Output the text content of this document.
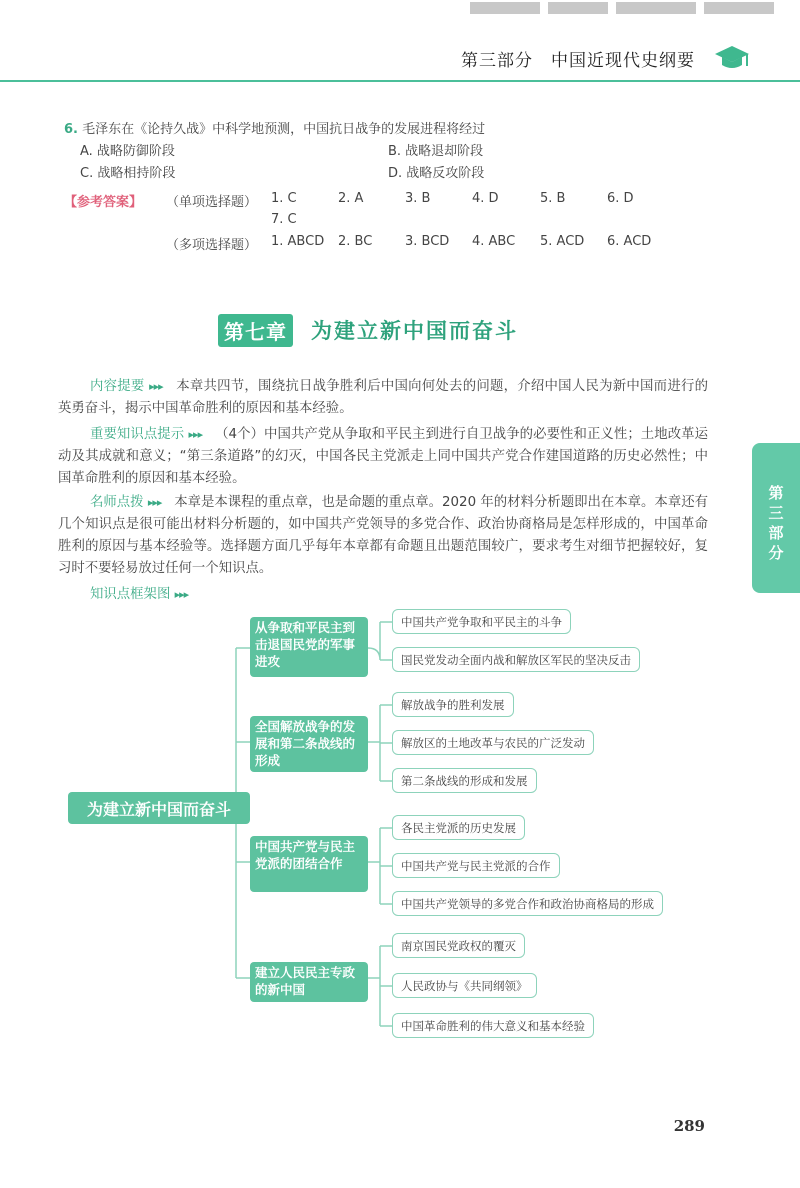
第三部分　中国近现代史纲要
6. 毛泽东在《论持久战》中科学地预测，中国抗日战争的发展进程将经过
A. 战略防御阶段	B. 战略退却阶段
C. 战略相持阶段	D. 战略反攻阶段
【参考答案】 （单项选择题） 1. C	2. A	3. B	4. D	5. B	6. D
7. C
（多项选择题） 1. ABCD 2. BC	3. BCD 4. ABC 5. ACD 6. ACD
第七章 为建立新中国而奋斗
内容提要 ▸▸▸ 本章共四节，围绕抗日战争胜利后中国向何处去的问题，介绍中国人民为新中国而进行的英勇奋斗，揭示中国革命胜利的原因和基本经验。
重要知识点提示 ▸▸▸ （4个）中国共产党从争取和平民主到进行自卫战争的必要性和正义性；土地改革运动及其成就和意义；“第三条道路”的幻灭，中国各民主党派走上同中国共产党合作建国道路的历史必然性；中国革命胜利的原因和基本经验。
名师点拨 ▸▸▸ 本章是本课程的重点章，也是命题的重点章。2020 年的材料分析题即出在本章。本章还有几个知识点是很可能出材料分析题的，如中国共产党领导的多党合作、政治协商格局是怎样形成的，中国革命胜利的原因与基本经验等。选择题方面几乎每年本章都有命题且出题范围较广，要求考生对细节把握较好，复习时不要轻易放过任何一个知识点。
知识点框架图 ▸▸▸
第三部分
为建立新中国而奋斗
从争取和平民主到击退国民党的军事进攻
全国解放战争的发展和第二条战线的形成
中国共产党与民主党派的团结合作
建立人民民主专政的新中国
中国共产党争取和平民主的斗争
国民党发动全面内战和解放区军民的坚决反击
解放战争的胜利发展
解放区的土地改革与农民的广泛发动
第二条战线的形成和发展
各民主党派的历史发展
中国共产党与民主党派的合作
中国共产党领导的多党合作和政治协商格局的形成
南京国民党政权的覆灭
人民政协与《共同纲领》
中国革命胜利的伟大意义和基本经验
289
